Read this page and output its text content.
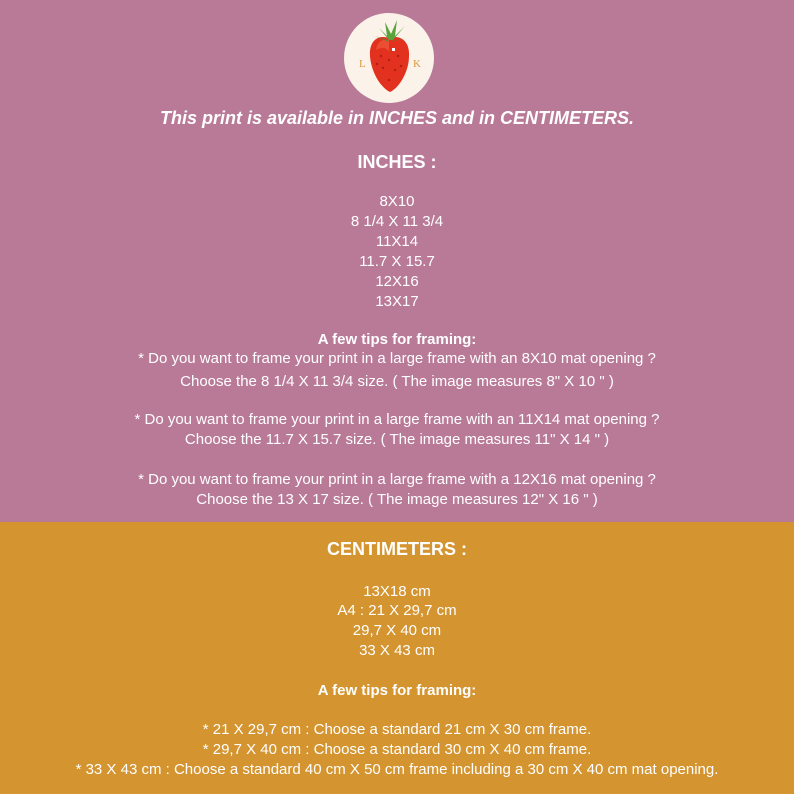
L	K
This print is available in INCHES and in CENTIMETERS.
INCHES :
8X10
8 1/4 X 11 3/4
11X14
11.7 X 15.7
12X16
13X17
A few tips for framing:
* Do you want to frame your print in a large frame with an 8X10 mat opening ?
Choose the 8 1/4 X 11 3/4 size. ( The image measures 8" X 10 " )
* Do you want to frame your print in a large frame with an 11X14 mat opening ?
Choose the 11.7 X 15.7 size. ( The image measures 11" X 14 " )
* Do you want to frame your print in a large frame with a 12X16 mat opening ?
Choose the 13 X 17 size. ( The image measures 12" X 16 " )
CENTIMETERS :
13X18 cm
A4 : 21 X 29,7 cm
29,7 X 40 cm
33 X 43 cm
A few tips for framing:
* 21 X 29,7 cm : Choose a standard 21 cm X 30 cm frame.
* 29,7 X 40 cm : Choose a standard 30 cm X 40 cm frame.
* 33 X 43 cm : Choose a standard 40 cm X 50 cm frame including a 30 cm X 40 cm mat opening.
